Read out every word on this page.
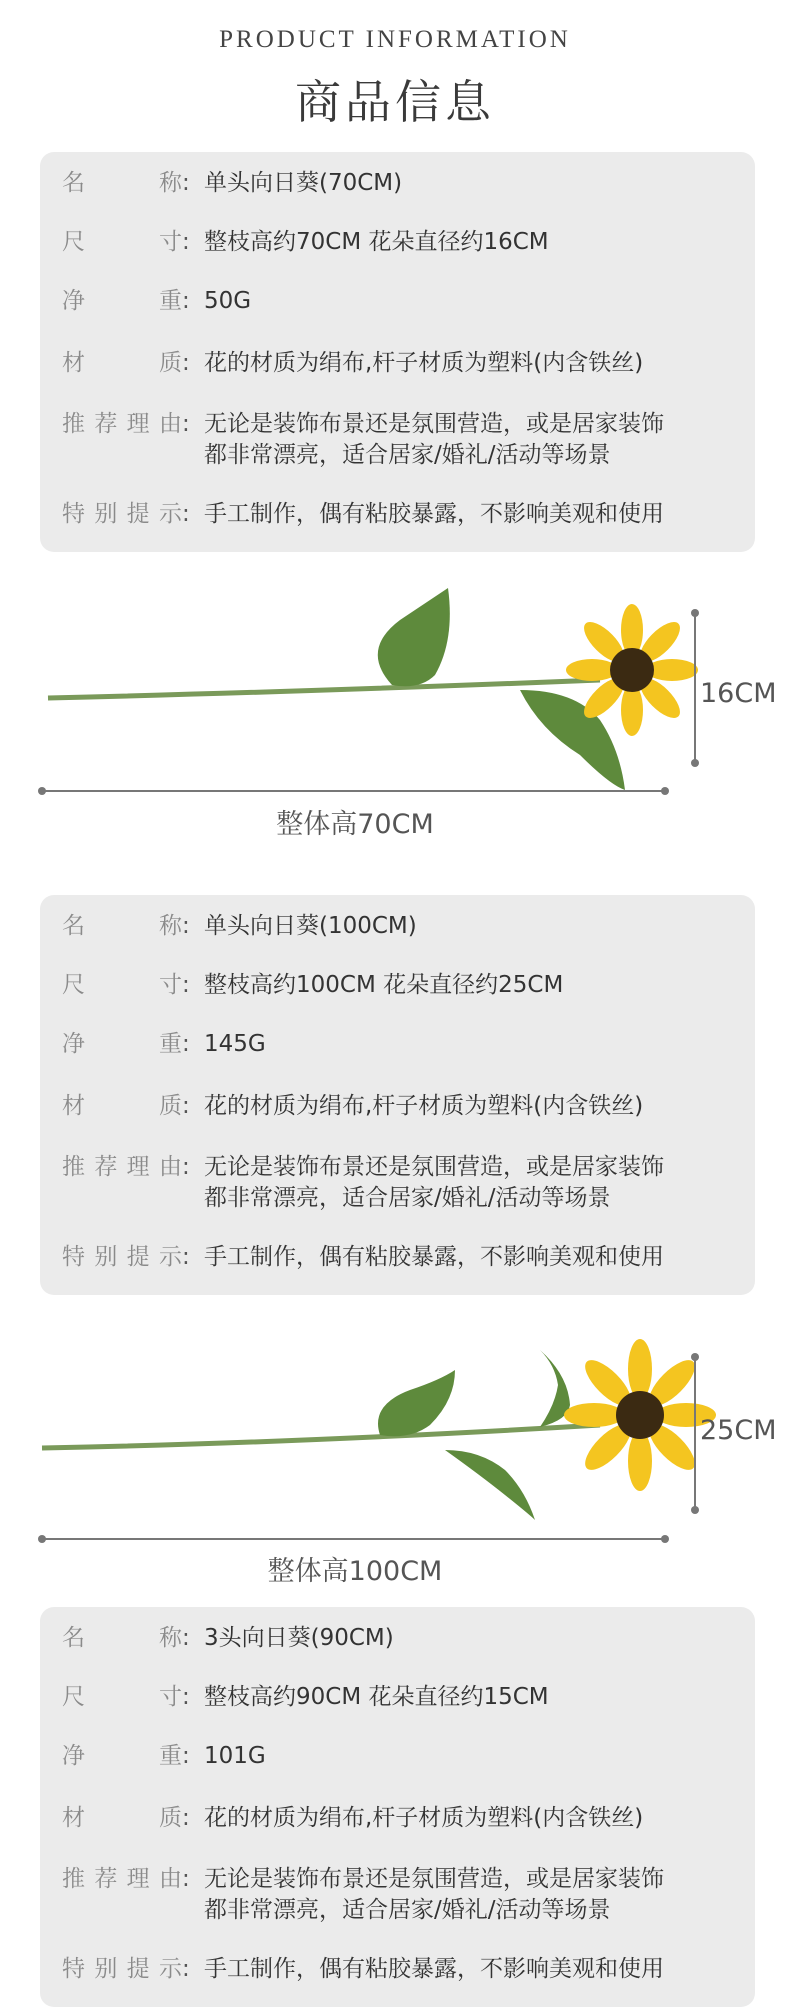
PRODUCT INFORMATION
商品信息
名	称 : 单头向日葵(70CM)
尺	寸 : 整枝高约70CM 花朵直径约16CM
净	重 : 50G
材	质 : 花的材质为绢布,杆子材质为塑料(内含铁丝)
推 荐 理 由 : 无论是装饰布景还是氛围营造，或是居家装饰
都非常漂亮，适合居家/婚礼/活动等场景
特 别 提 示 : 手工制作，偶有粘胶暴露，不影响美观和使用
16CM
整体高70CM
名	称 : 单头向日葵(100CM)
尺	寸 : 整枝高约100CM 花朵直径约25CM
净	重 : 145G
材	质 : 花的材质为绢布,杆子材质为塑料(内含铁丝)
推 荐 理 由 : 无论是装饰布景还是氛围营造，或是居家装饰
都非常漂亮，适合居家/婚礼/活动等场景
特 别 提 示 : 手工制作，偶有粘胶暴露，不影响美观和使用
25CM
整体高100CM
名	称 : 3头向日葵(90CM)
尺	寸 : 整枝高约90CM 花朵直径约15CM
净	重 : 101G
材	质 : 花的材质为绢布,杆子材质为塑料(内含铁丝)
推 荐 理 由 : 无论是装饰布景还是氛围营造，或是居家装饰
都非常漂亮，适合居家/婚礼/活动等场景
特 别 提 示 : 手工制作，偶有粘胶暴露，不影响美观和使用
